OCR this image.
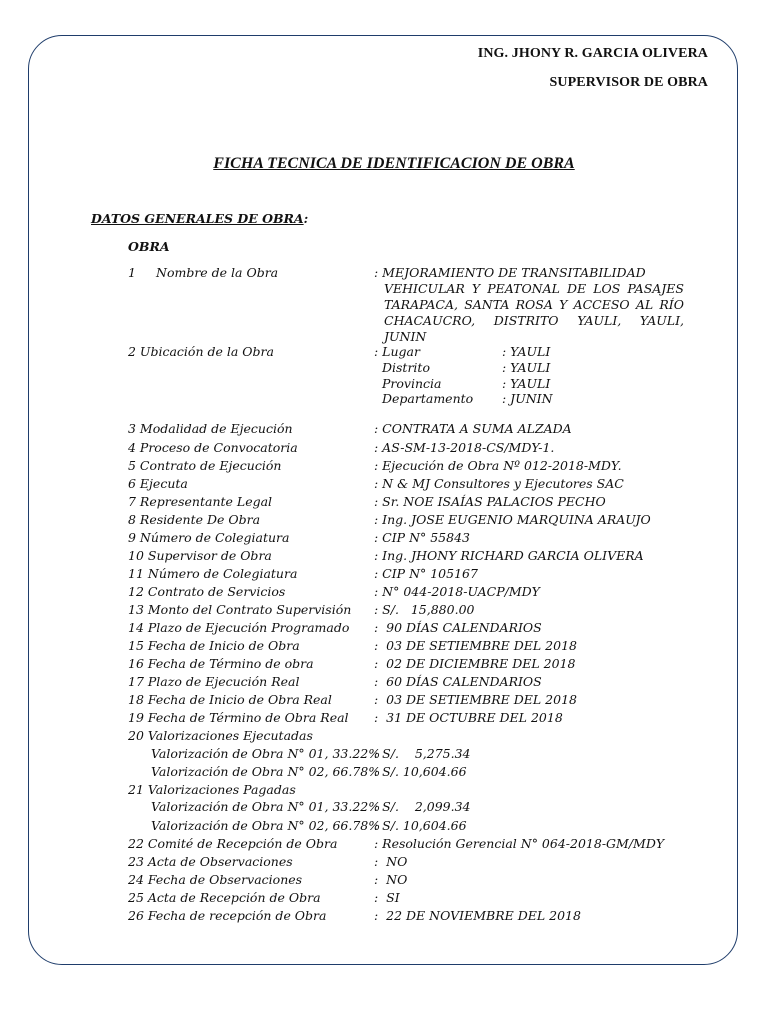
ING. JHONY R. GARCIA OLIVERA
SUPERVISOR DE OBRA
FICHA TECNICA DE IDENTIFICACION DE OBRA
DATOS GENERALES DE OBRA:
OBRA
1 Nombre de la Obra	: MEJORAMIENTO DE TRANSITABILIDAD
VEHICULAR Y PEATONAL DE LOS PASAJES
TARAPACA, SANTA ROSA Y ACCESO AL RÍO
CHACAUCRO, DISTRITO YAULI, YAULI, JUNIN
2 Ubicación de la Obra	: Lugar	: YAULI
Distrito	: YAULI
Provincia	: YAULI
Departamento : JUNIN
3 Modalidad de Ejecución	: CONTRATA A SUMA ALZADA
4 Proceso de Convocatoria	: AS-SM-13-2018-CS/MDY-1.
5 Contrato de Ejecución	: Ejecución de Obra Nº 012-2018-MDY.
6 Ejecuta	: N & MJ Consultores y Ejecutores SAC
7 Representante Legal	: Sr. NOE ISAÍAS PALACIOS PECHO
8 Residente De Obra	: Ing. JOSE EUGENIO MARQUINA ARAUJO
9 Número de Colegiatura	: CIP N° 55843
10 Supervisor de Obra	: Ing. JHONY RICHARD GARCIA OLIVERA
11 Número de Colegiatura	: CIP N° 105167
12 Contrato de Servicios	: N° 044-2018-UACP/MDY
13 Monto del Contrato Supervisión : S/.   15,880.00
14 Plazo de Ejecución Programado :  90 DÍAS CALENDARIOS
15 Fecha de Inicio de Obra	:  03 DE SETIEMBRE DEL 2018
16 Fecha de Término de obra	:  02 DE DICIEMBRE DEL 2018
17 Plazo de Ejecución Real	:  60 DÍAS CALENDARIOS
18 Fecha de Inicio de Obra Real	:  03 DE SETIEMBRE DEL 2018
19 Fecha de Término de Obra Real :  31 DE OCTUBRE DEL 2018
20 Valorizaciones Ejecutadas
Valorización de Obra N° 01, 33.22%
: S/.    5,275.34
Valorización de Obra N° 02, 66.78%
: S/. 10,604.66
21 Valorizaciones Pagadas
Valorización de Obra N° 01, 33.22%
: S/.    2,099.34
Valorización de Obra N° 02, 66.78%
: S/. 10,604.66
22 Comité de Recepción de Obra	: Resolución Gerencial N° 064-2018-GM/MDY
23 Acta de Observaciones	:  NO
24 Fecha de Observaciones	:  NO
25 Acta de Recepción de Obra	:  SI
26 Fecha de recepción de Obra	:  22 DE NOVIEMBRE DEL 2018
